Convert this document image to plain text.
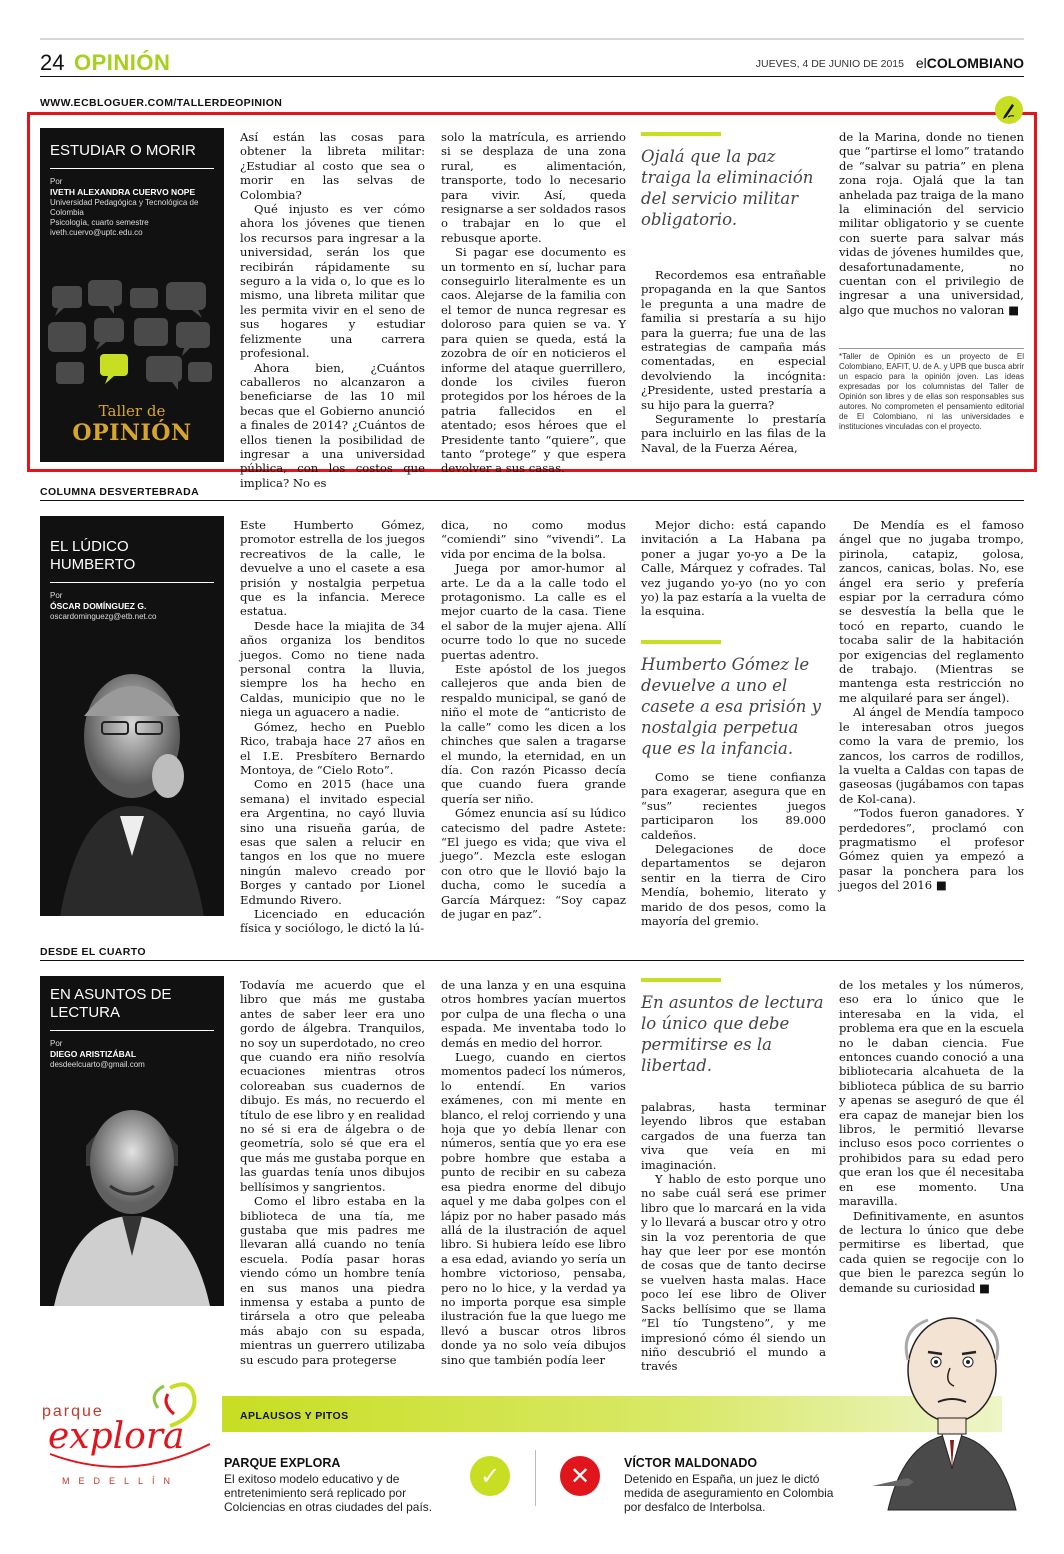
24 OPINIÓN	JUEVES, 4 DE JUNIO DE 2015 elCOLOMBIANO
WWW.ECBLOGUER.COM/TALLERDEOPINION
ESTUDIAR O MORIR
Por
IVETH ALEXANDRA CUERVO NOPE
Universidad Pedagógica y Tecnológica de Colombia
Psicología, cuarto semestre
iveth.cuervo@uptc.edu.co
Taller de
OPINIÓN

Así están las cosas para obtener la libreta militar: ¿Estudiar al costo que sea o morir en las selvas de Colombia?

Qué injusto es ver cómo ahora los jóvenes que tienen los recursos para ingresar a la universidad, serán los que recibirán rápidamente su seguro a la vida o, lo que es lo mismo, una libreta militar que les permita vivir en el seno de sus hogares y estudiar felizmente una carrera profesional.

Ahora bien, ¿Cuántos caballeros no alcanzaron a beneficiarse de las 10 mil becas que el Gobierno anunció a finales de 2014? ¿Cuántos de ellos tienen la posibilidad de ingresar a una universidad pública, con los costos que implica? No es

solo la matrícula, es arriendo si se desplaza de una zona rural, es alimentación, transporte, todo lo necesario para vivir. Así, queda resignarse a ser soldados rasos o trabajar en lo que el rebusque aporte.

Si pagar ese documento es un tormento en sí, luchar para conseguirlo literalmente es un caos. Alejarse de la familia con el temor de nunca regresar es doloroso para quien se va. Y para quien se queda, está la zozobra de oír en noticieros el informe del ataque guerrillero, donde los civiles fueron protegidos por los héroes de la patria fallecidos en el atentado; esos héroes que el Presidente tanto “quiere”, que tanto “protege” y que espera devolver a sus casas.

Ojalá que la paz traiga la eliminación del servicio militar obligatorio.

Recordemos esa entrañable propaganda en la que Santos le pregunta a una madre de familia si prestaría a su hijo para la guerra; fue una de las estrategias de campaña más comentadas, en especial devolviendo la incógnita: ¿Presidente, usted prestaría a su hijo para la guerra?

Seguramente lo prestaría para incluirlo en las filas de la Naval, de la Fuerza Aérea,

de la Marina, donde no tienen que “partirse el lomo” tratando de “salvar su patria” en plena zona roja. Ojalá que la tan anhelada paz traiga de la mano la eliminación del servicio militar obligatorio y se cuente con suerte para salvar más vidas de jóvenes humildes que, desafortunadamente, no cuentan con el privilegio de ingresar a una universidad, algo que muchos no valoran ■

*Taller de Opinión es un proyecto de El Colombiano, EAFIT, U. de A. y UPB que busca abrir un espacio para la opinión joven. Las ideas expresadas por los columnistas del Taller de Opinión son libres y de ellas son responsables sus autores. No comprometen el pensamiento editorial de El Colombiano, ni las universidades e instituciones vinculadas con el proyecto.
COLUMNA DESVERTEBRADA
EL LÚDICO HUMBERTO
Por
ÓSCAR DOMÍNGUEZ G.
oscardominguezg@etb.net.co

Este Humberto Gómez, promotor estrella de los juegos recreativos de la calle, le devuelve a uno el casete a esa prisión y nostalgia perpetua que es la infancia. Merece estatua.

Desde hace la miajita de 34 años organiza los benditos juegos. Como no tiene nada personal contra la lluvia, siempre los ha hecho en Caldas, municipio que no le niega un aguacero a nadie.

Gómez, hecho en Pueblo Rico, trabaja hace 27 años en el I.E. Presbítero Bernardo Montoya, de “Cielo Roto”.

Como en 2015 (hace una semana) el invitado especial era Argentina, no cayó lluvia sino una risueña garúa, de esas que salen a relucir en tangos en los que no muere ningún malevo creado por Borges y cantado por Lionel Edmundo Rivero.

Licenciado en educación física y sociólogo, le dictó la lú-

dica, no como modus “comiendi” sino “vivendi”. La vida por encima de la bolsa.

Juega por amor-humor al arte. Le da a la calle todo el protagonismo. La calle es el mejor cuarto de la casa. Tiene el sabor de la mujer ajena. Allí ocurre todo lo que no sucede puertas adentro.

Este apóstol de los juegos callejeros que anda bien de respaldo municipal, se ganó de niño el mote de “anticristo de la calle” como les dicen a los chinches que salen a tragarse el mundo, la eternidad, en un día. Con razón Picasso decía que cuando fuera grande quería ser niño.

Gómez enuncia así su lúdico catecismo del padre Astete: “El juego es vida; que viva el juego”. Mezcla este eslogan con otro que le llovió bajo la ducha, como le sucedía a García Márquez: “Soy capaz de jugar en paz”.

Mejor dicho: está capando invitación a La Habana pa poner a jugar yo-yo a De la Calle, Márquez y cofrades. Tal vez jugando yo-yo (no yo con yo) la paz estaría a la vuelta de la esquina.

Humberto Gómez le devuelve a uno el casete a esa prisión y nostalgia perpetua que es la infancia.

Como se tiene confianza para exagerar, asegura que en “sus” recientes juegos participaron los 89.000 caldeños.

Delegaciones de doce departamentos se dejaron sentir en la tierra de Ciro Mendía, bohemio, literato y marido de dos pesos, como la mayoría del gremio.

De Mendía es el famoso ángel que no jugaba trompo, pirinola, catapiz, golosa, zancos, canicas, bolas. No, ese ángel era serio y prefería espiar por la cerradura cómo se desvestía la bella que le tocó en reparto, cuando le tocaba salir de la habitación por exigencias del reglamento de trabajo. (Mientras se mantenga esta restricción no me alquilaré para ser ángel).

Al ángel de Mendía tampoco le interesaban otros juegos como la vara de premio, los zancos, los carros de rodillos, la vuelta a Caldas con tapas de gaseosas (jugábamos con tapas de Kol-cana).

“Todos fueron ganadores. Y perdedores”, proclamó con pragmatismo el profesor Gómez quien ya empezó a pasar la ponchera para los juegos del 2016 ■

DESDE EL CUARTO
EN ASUNTOS DE LECTURA
Por
DIEGO ARISTIZÁBAL
desdeelcuarto@gmail.com

Todavía me acuerdo que el libro que más me gustaba antes de saber leer era uno gordo de álgebra. Tranquilos, no soy un superdotado, no creo que cuando era niño resolvía ecuaciones mientras otros coloreaban sus cuadernos de dibujo. Es más, no recuerdo el título de ese libro y en realidad no sé si era de álgebra o de geometría, solo sé que era el que más me gustaba porque en las guardas tenía unos dibujos bellísimos y sangrientos.

Como el libro estaba en la biblioteca de una tía, me gustaba que mis padres me llevaran allá cuando no tenía escuela. Podía pasar horas viendo cómo un hombre tenía en sus manos una piedra inmensa y estaba a punto de tirársela a otro que peleaba más abajo con su espada, mientras un guerrero utilizaba su escudo para protegerse

de una lanza y en una esquina otros hombres yacían muertos por culpa de una flecha o una espada. Me inventaba todo lo demás en medio del horror.

Luego, cuando en ciertos momentos padecí los números, lo entendí. En varios exámenes, con mi mente en blanco, el reloj corriendo y una hoja que yo debía llenar con números, sentía que yo era ese pobre hombre que estaba a punto de recibir en su cabeza esa piedra enorme del dibujo aquel y me daba golpes con el lápiz por no haber pasado más allá de la ilustración de aquel libro. Si hubiera leído ese libro a esa edad, aviando yo sería un hombre victorioso, pensaba, pero no lo hice, y la verdad ya no importa porque esa simple ilustración fue la que luego me llevó a buscar otros libros donde ya no solo veía dibujos sino que también podía leer

En asuntos de lectura lo único que debe permitirse es la libertad.

palabras, hasta terminar leyendo libros que estaban cargados de una fuerza tan viva que veía en mi imaginación.

Y hablo de esto porque uno no sabe cuál será ese primer libro que lo marcará en la vida y lo llevará a buscar otro y otro sin la voz perentoria de que hay que leer por ese montón de cosas que de tanto decirse se vuelven hasta malas. Hace poco leí ese libro de Oliver Sacks bellísimo que se llama “El tío Tungsteno”, y me impresionó cómo él siendo un niño descubrió el mundo a través

de los metales y los números, eso era lo único que le interesaba en la vida, el problema era que en la escuela no le daban ciencia. Fue entonces cuando conoció a una bibliotecaria alcahueta de la biblioteca pública de su barrio y apenas se aseguró de que él era capaz de manejar bien los libros, le permitió llevarse incluso esos poco corrientes o prohibidos para su edad pero que eran los que él necesitaba en ese momento. Una maravilla.

Definitivamente, en asuntos de lectura lo único que debe permitirse es libertad, que cada quien se regocije con lo que bien le parezca según lo demande su curiosidad ■

APLAUSOS Y PITOS
parque
explora
MEDELLÍN
PARQUE EXPLORA
El exitoso modelo educativo y de entretenimiento será replicado por Colciencias en otras ciudades del país.
✓	✕	VÍCTOR MALDONADO
Detenido en España, un juez le dictó medida de aseguramiento en Colombia por desfalco de Interbolsa.
